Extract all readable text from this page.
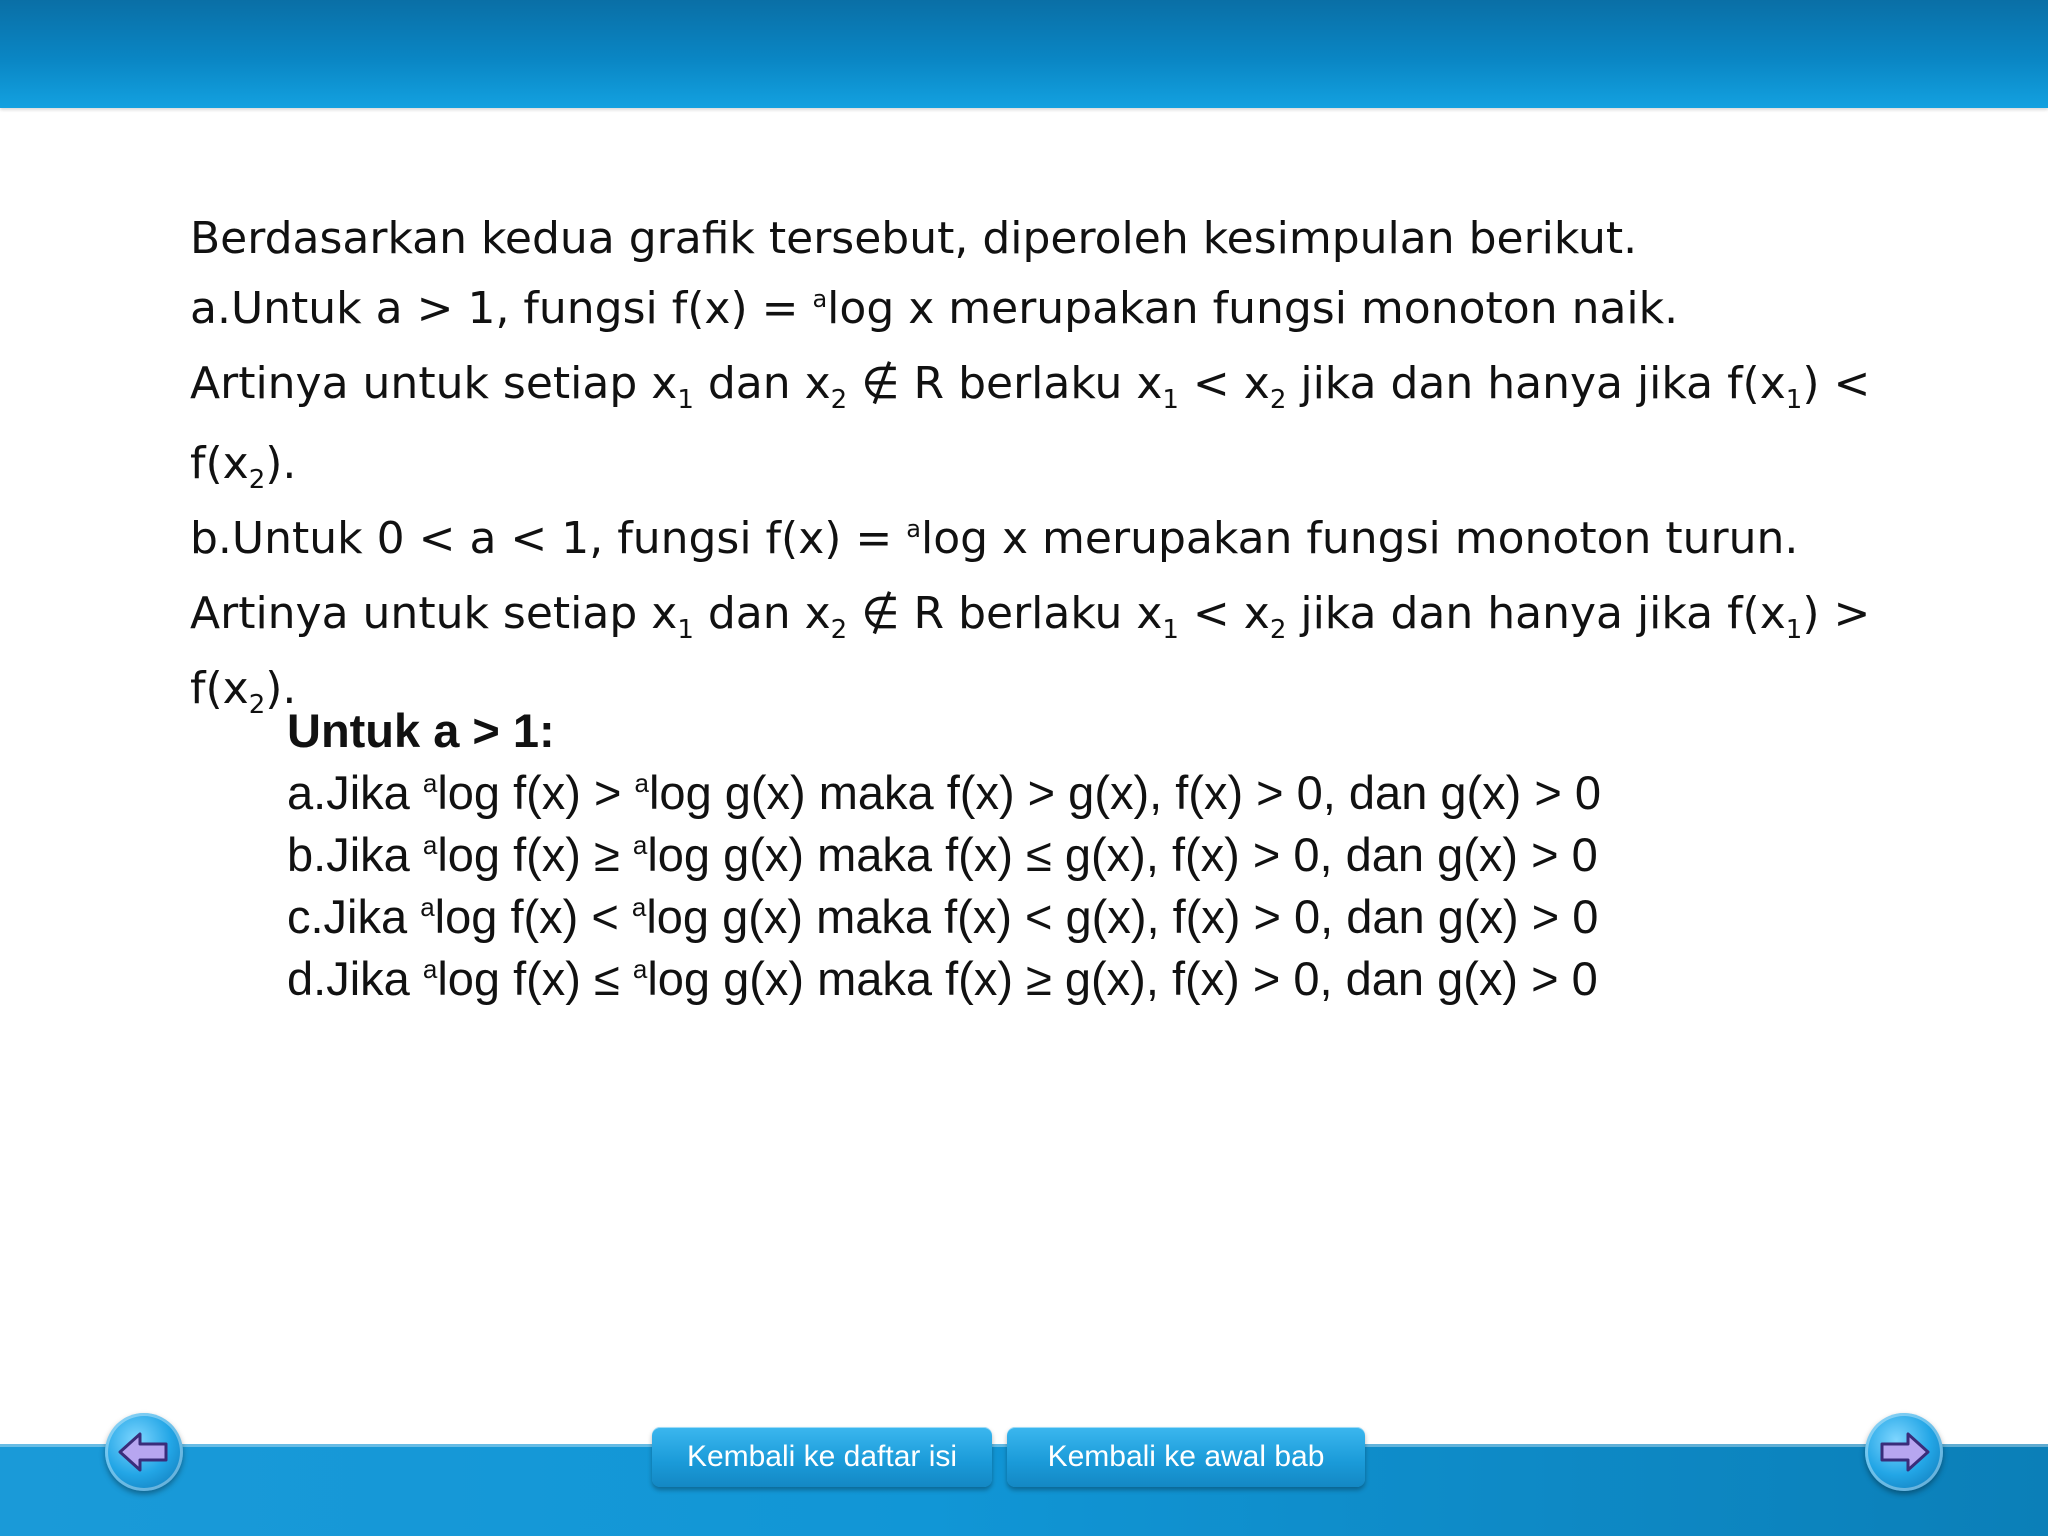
Berdasarkan kedua grafik tersebut, diperoleh kesimpulan berikut.
a.Untuk a > 1, fungsi f(x) = $^a$log x merupakan fungsi monoton naik.
Artinya untuk setiap $x_1$ dan $x_2$ ∉ R berlaku $x_1 < x_2$ jika dan hanya jika $f(x_1)$ <
$f(x_2)$.
b.Untuk 0 < a < 1, fungsi f(x) = $^a$log x merupakan fungsi monoton turun.
Artinya untuk setiap $x_1$ dan $x_2$ ∉ R berlaku $x_1 < x_2$ jika dan hanya jika $f(x_1)$ >
$f(x_2)$.
Untuk a > 1:
a.Jika $^a$log f(x) > $^a$log g(x) maka f(x) > g(x), f(x) > 0, dan g(x) > 0
b.Jika $^a$log f(x) ≥ $^a$log g(x) maka f(x) ≤ g(x), f(x) > 0, dan g(x) > 0
c.Jika $^a$log f(x) < $^a$log g(x) maka f(x) < g(x), f(x) > 0, dan g(x) > 0
d.Jika $^a$log f(x) ≤ $^a$log g(x) maka f(x) ≥ g(x), f(x) > 0, dan g(x) > 0
Kembali ke daftar isi	Kembali ke awal bab
